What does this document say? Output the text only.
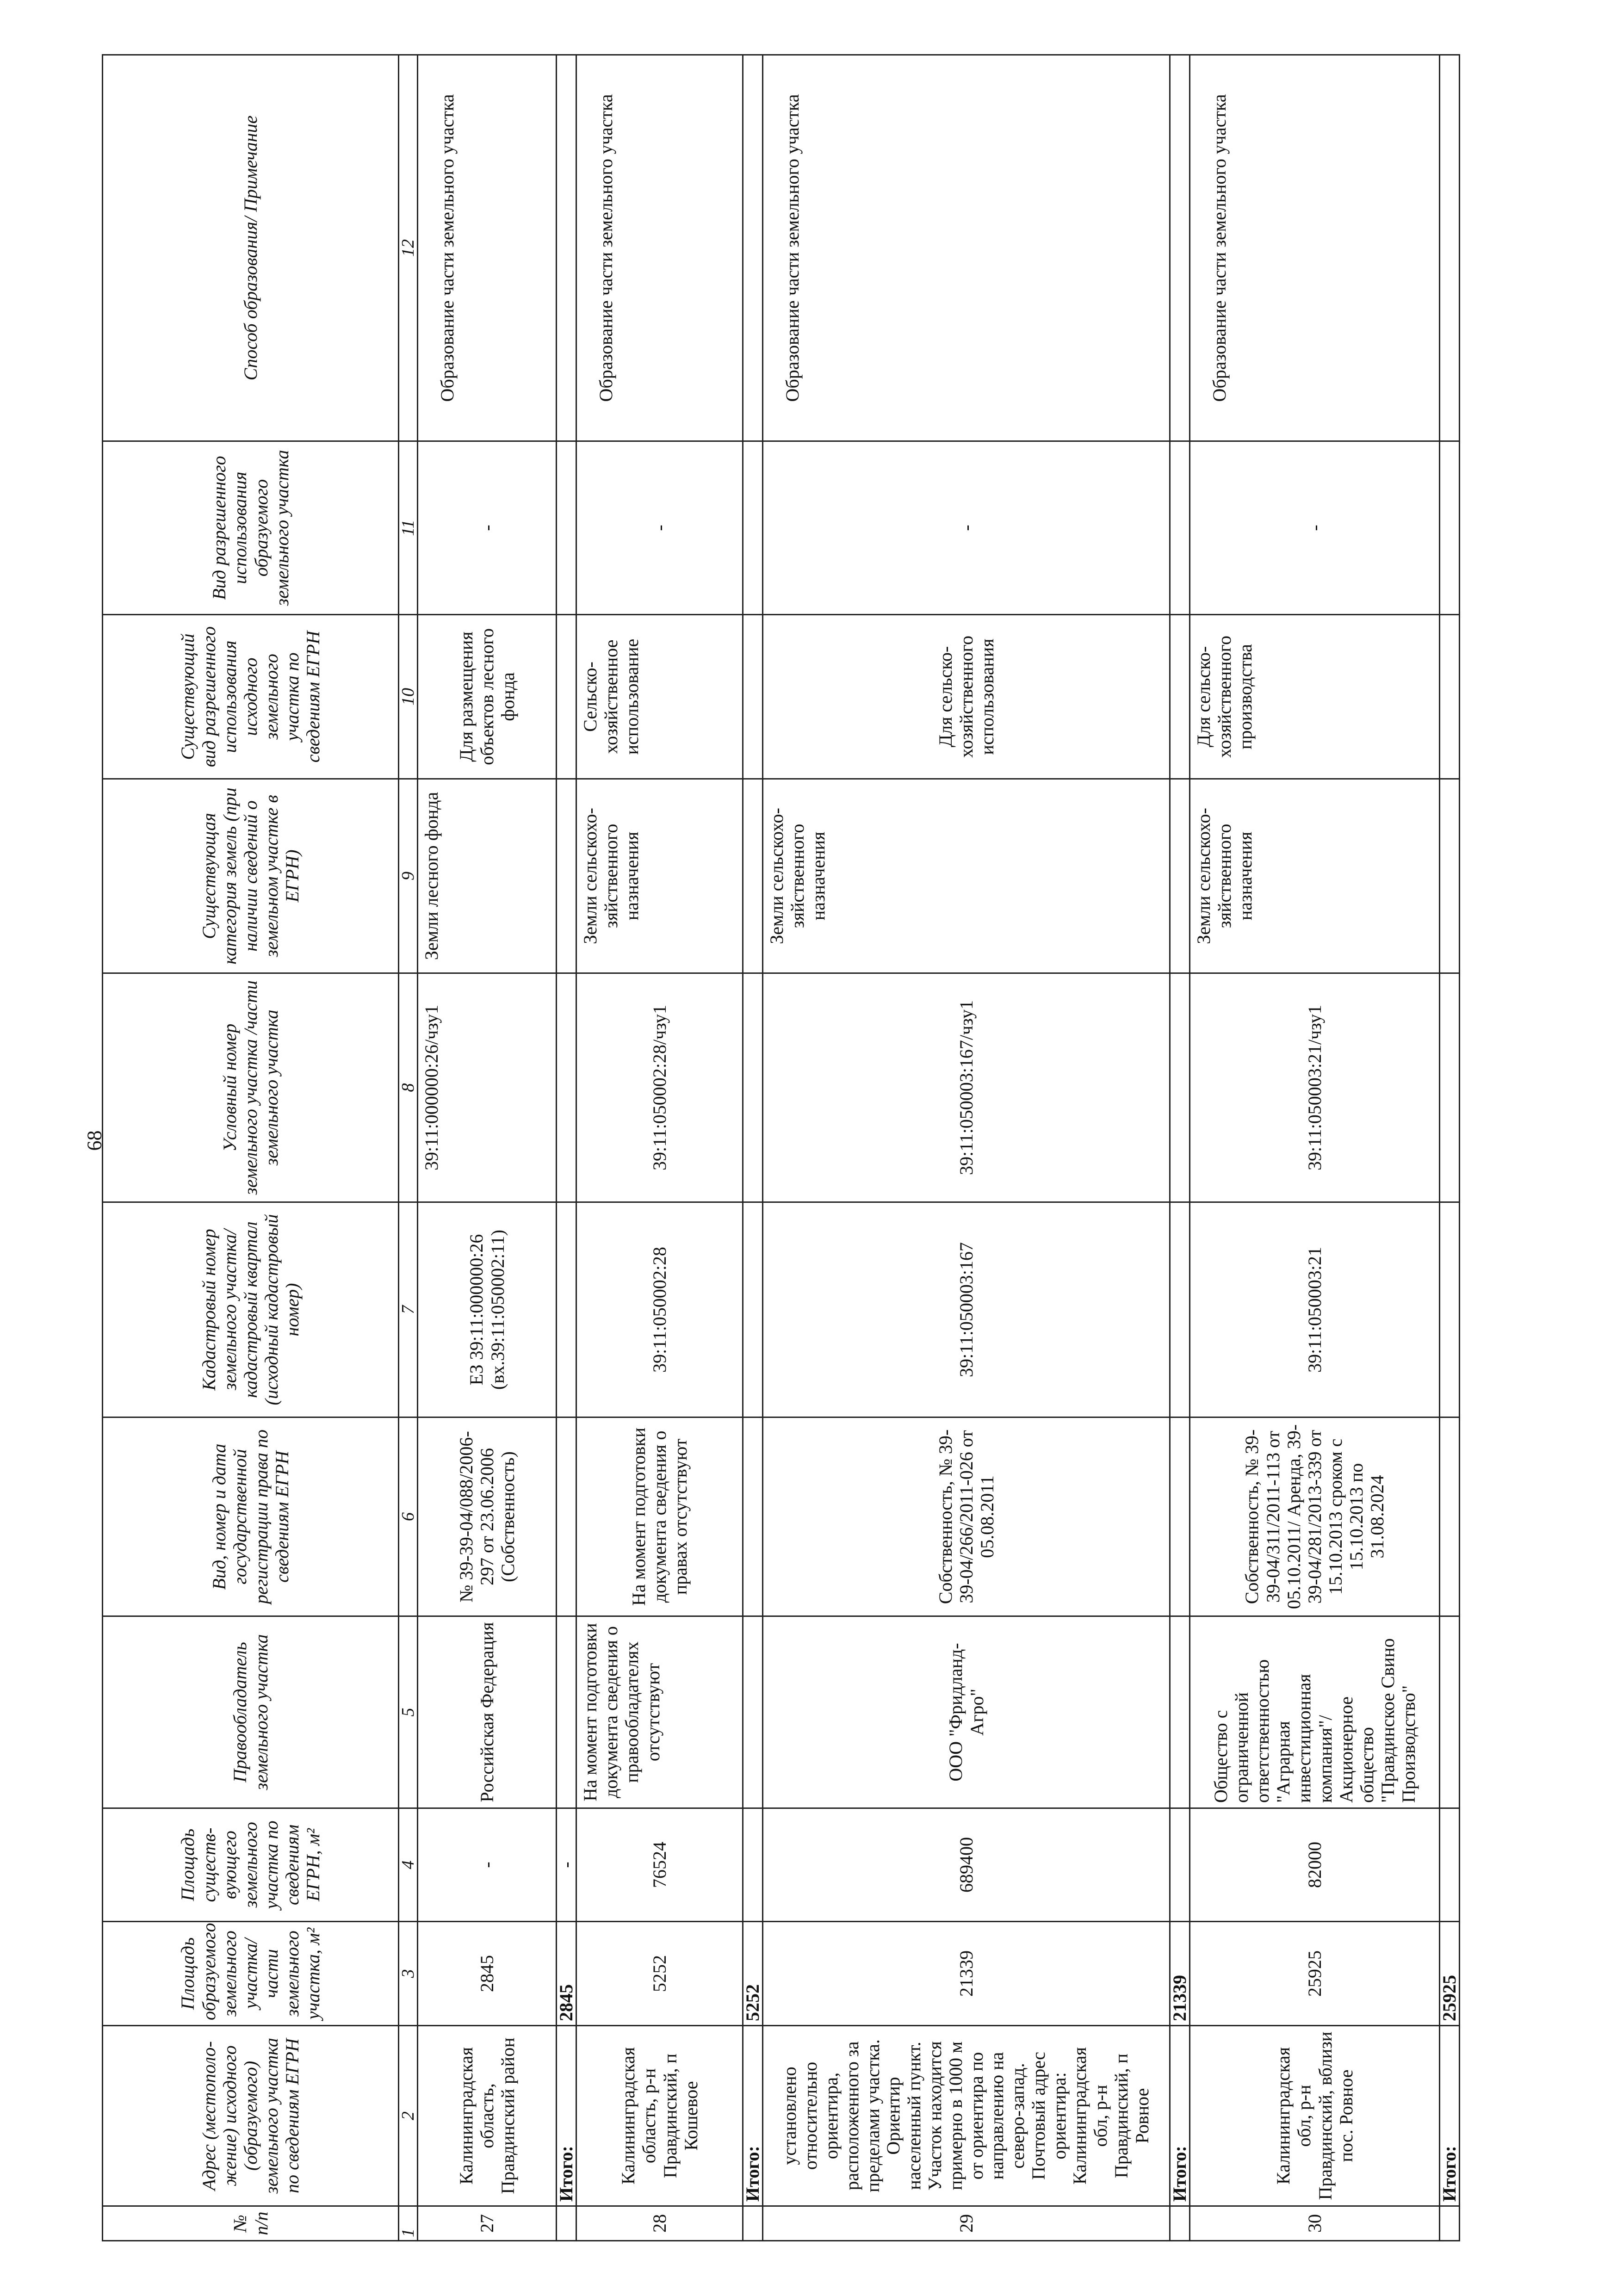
68
№ п/п	Адрес (местополо-жение) исходного (образуемого) земельного участка по сведениям ЕГРН	Площадь образуемого земельного участка/ части земельного участка, м²	Площадь существ-вующего земельного участка по сведениям ЕГРН, м²	Правообладатель земельного участка	Вид, номер и дата государственной регистрации права по сведениям ЕГРН	Кадастровый номер земельного участка/ кадастровый квартал (исходный кадастровый номер)	Условный номер земельного участка /части земельного участка	Существующая категория земель (при наличии сведений о земельном участке в ЕГРН)	Существующий вид разрешенного использования исходного земельного участка по сведениям ЕГРН	Вид разрешенного использования образуемого земельного участка	Способ образования/ Примечание
1	2	3	4	5	6	7	8	9	10	11	12
27	Калининградская область, Правдинский район	2845	-	Российская Федерация	№ 39-39-04/088/2006-297 от 23.06.2006 (Собственность)	ЕЗ 39:11:000000:26 (вх.39:11:050002:11)	39:11:000000:26/чзу1	Земли лесного фонда	Для размещения объектов лесного фонда	-	Образование части земельного участка
	Итого:	2845	-								
28	Калининградская область, р-н Правдинский, п Кошевое	5252	76524	На момент подготовки документа сведения о правообладателях отсутствуют	На момент подготовки документа сведения о правах отсутствуют	39:11:050002:28	39:11:050002:28/чзу1	Земли сельскохо-зяйственного назначения	Сельско-хозяйственное использование	-	Образование части земельного участка
	Итого:	5252									
29	установлено относительно ориентира, расположенного за пределами участка. Ориентир населенный пункт. Участок находится примерно в 1000 м от ориентира по направлению на северо-запад. Почтовый адрес ориентира: Калининградская обл, р-н Правдинский, п Ровное	21339	689400	ООО "Фридланд-Агро"	Собственность, № 39-39-04/266/2011-026 от 05.08.2011	39:11:050003:167	39:11:050003:167/чзу1	Земли сельскохо-зяйственного назначения	Для сельско-хозяйственного использования	-	Образование части земельного участка
	Итого:	21339									
30	Калининградская обл, р-н Правдинский, вблизи пос. Ровное	25925	82000	Общество с ограниченной ответственностью "Аграрная инвестиционная компания"/ Акционерное общество "Правдинское Свино Производство"	Собственность, № 39-39-04/311/2011-113 от 05.10.2011/ Аренда, 39-39-04/281/2013-339 от 15.10.2013 сроком с 15.10.2013 по 31.08.2024	39:11:050003:21	39:11:050003:21/чзу1	Земли сельскохо-зяйственного назначения	Для сельско-хозяйственного производства	-	Образование части земельного участка
	Итого:	25925									
